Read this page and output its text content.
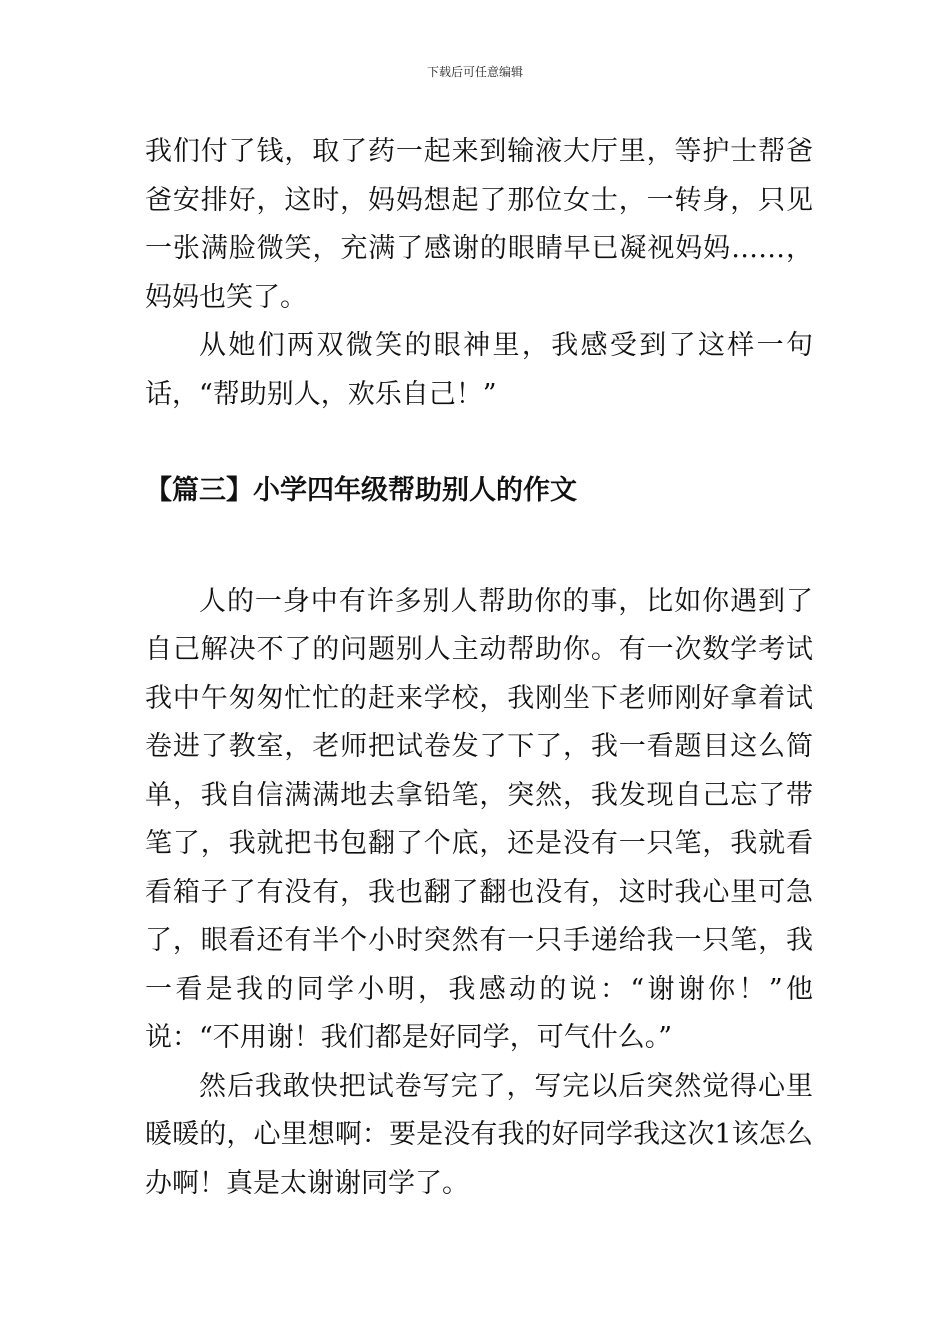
下载后可任意编辑

我们付了钱，取了药一起来到输液大厅里，等护士帮爸爸安排好，这时，妈妈想起了那位女士，一转身，只见一张满脸微笑，充满了感谢的眼睛早已凝视妈妈……，妈妈也笑了。

从她们两双微笑的眼神里，我感受到了这样一句话，“帮助别人，欢乐自己！”

【篇三】小学四年级帮助别人的作文

人的一身中有许多别人帮助你的事，比如你遇到了自己解决不了的问题别人主动帮助你。有一次数学考试我中午匆匆忙忙的赶来学校，我刚坐下老师刚好拿着试卷进了教室，老师把试卷发了下了，我一看题目这么简单，我自信满满地去拿铅笔，突然，我发现自己忘了带笔了，我就把书包翻了个底，还是没有一只笔，我就看看箱子了有没有，我也翻了翻也没有，这时我心里可急了，眼看还有半个小时突然有一只手递给我一只笔，我一看是我的同学小明，我感动的说：“谢谢你！”他说：“不用谢！我们都是好同学，可气什么。”

然后我敢快把试卷写完了，写完以后突然觉得心里暖暖的，心里想啊：要是没有我的好同学我这次1该怎么办啊！真是太谢谢同学了。
